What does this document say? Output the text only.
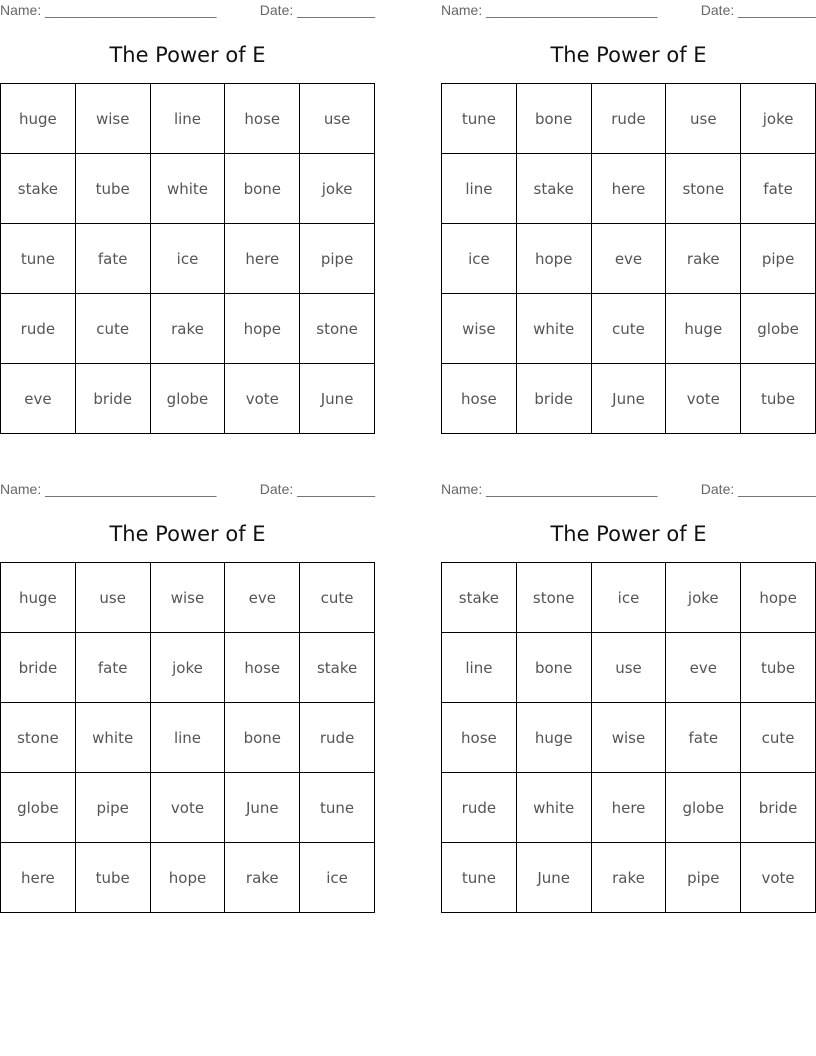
Name: ______________________	Date: __________
The Power of E
huge	wise	line	hose	use
stake	tube	white	bone	joke
tune	fate	ice	here	pipe
rude	cute	rake	hope	stone
eve	bride	globe	vote	June
Name: ______________________	Date: __________
The Power of E
tune	bone	rude	use	joke
line	stake	here	stone	fate
ice	hope	eve	rake	pipe
wise	white	cute	huge	globe
hose	bride	June	vote	tube
Name: ______________________	Date: __________
The Power of E
huge	use	wise	eve	cute
bride	fate	joke	hose	stake
stone	white	line	bone	rude
globe	pipe	vote	June	tune
here	tube	hope	rake	ice
Name: ______________________	Date: __________
The Power of E
stake	stone	ice	joke	hope
line	bone	use	eve	tube
hose	huge	wise	fate	cute
rude	white	here	globe	bride
tune	June	rake	pipe	vote
